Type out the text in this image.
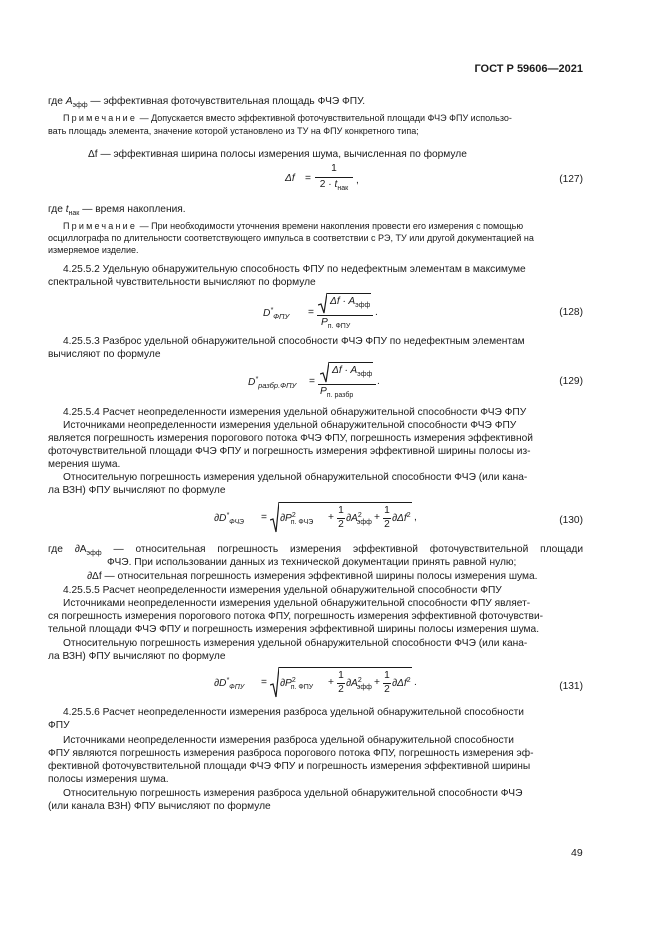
ГОСТ Р 59606—2021
где $A_{эфф}$ — эффективная фоточувствительная площадь ФЧЭ ФПУ.
Примечание — Допускается вместо эффективной фоточувствительной площади ФЧЭ ФПУ использо-
вать площадь элемента, значение которой установлено из ТУ на ФПУ конкретного типа;
Δf — эффективная ширина полосы измерения шума, вычисленная по формуле
Δf =
1
$2 \cdot t_{нак}$
,	(127)
где $t_{нак}$ — время накопления.
Примечание — При необходимости уточнения времени накопления провести его измерения с помощью
осциллографа по длительности соответствующего импульса в соответствии с РЭ, ТУ или другой документацией на
измеряемое изделие.
4.25.5.2 Удельную обнаружительную способность ФПУ по недефектным элементам в максимуме
спектральной чувствительности вычисляют по формуле
$D^*_{ФПУ}$ =
$\Delta f \cdot A_{эфф}$
$P_{п. ФПУ}$
.	(128)
4.25.5.3 Разброс удельной обнаружительной способности ФЧЭ ФПУ по недефектным элементам
вычисляют по формуле
$D^*_{разбр.ФПУ}$ =
$\Delta f \cdot A_{эфф}$
$P_{п. разбр}$
.	(129)
4.25.5.4 Расчет неопределенности измерения удельной обнаружительной способности ФЧЭ ФПУ
Источниками неопределенности измерения удельной обнаружительной способности ФЧЭ ФПУ
является погрешность измерения порогового потока ФЧЭ ФПУ, погрешность измерения эффективной
фоточувствительной площади ФЧЭ ФПУ и погрешность измерения эффективной ширины полосы из-
мерения шума.
Относительную погрешность измерения удельной обнаружительной способности ФЧЭ (или кана-
ла ВЗН) ФПУ вычисляют по формуле
$\partial D^*_{ФЧЭ} = \partial P^2_{п. ФЧЭ}$ +
1
2
$\partial A^2_{эфф}$ +
1
2
$\partial\Delta f^2$ ,	(130)
где $\partial A_{эфф}$ — относительная погрешность измерения эффективной фоточувствительной площади
ФЧЭ. При использовании данных из технической документации принять равной нулю;
∂Δf — относительная погрешность измерения эффективной ширины полосы измерения шума.
4.25.5.5 Расчет неопределенности измерения удельной обнаружительной способности ФПУ
Источниками неопределенности измерения удельной обнаружительной способности ФПУ являет-
ся погрешность измерения порогового потока ФПУ, погрешность измерения эффективной фоточувстви-
тельной площади ФЧЭ ФПУ и погрешность измерения эффективной ширины полосы измерения шума.
Относительную погрешность измерения удельной обнаружительной способности ФЧЭ (или кана-
ла ВЗН) ФПУ вычисляют по формуле
$\partial D^*_{ФПУ} = \partial P^2_{п. ФПУ}$ +
1
2
$\partial A^2_{эфф}$ +
1
2
$\partial\Delta f^2$ .	(131)
4.25.5.6 Расчет неопределенности измерения разброса удельной обнаружительной способности
ФПУ
Источниками неопределенности измерения разброса удельной обнаружительной способности
ФПУ являются погрешность измерения разброса порогового потока ФПУ, погрешность измерения эф-
фективной фоточувствительной площади ФЧЭ ФПУ и погрешность измерения эффективной ширины
полосы измерения шума.
Относительную погрешность измерения разброса удельной обнаружительной способности ФЧЭ
(или канала ВЗН) ФПУ вычисляют по формуле
49
